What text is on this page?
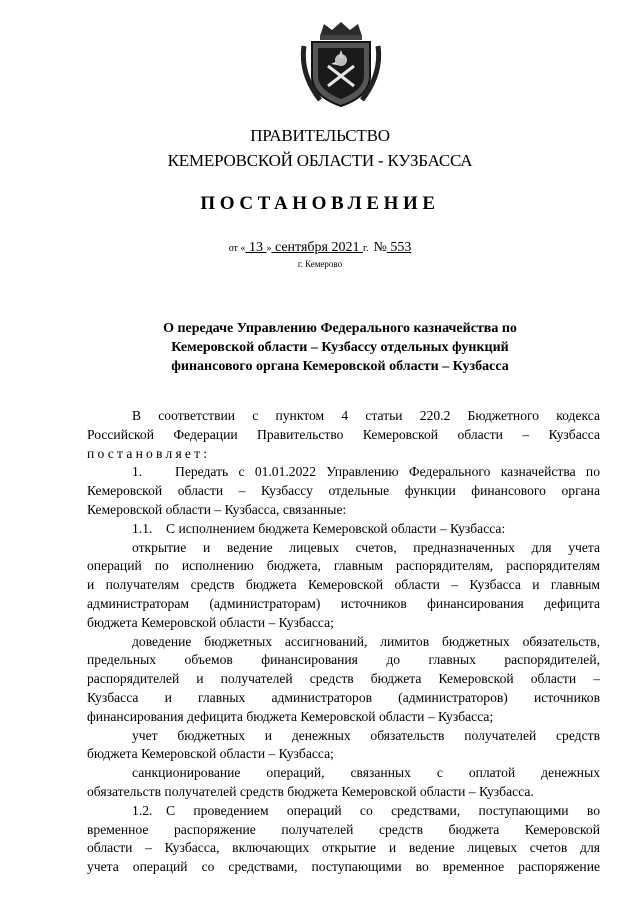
ПРАВИТЕЛЬСТВО
КЕМЕРОВСКОЙ ОБЛАСТИ - КУЗБАССА
ПОСТАНОВЛЕНИЕ
от « 13 » сентября 2021 г. № 553
г. Кемерово
О передаче Управлению Федерального казначейства по
Кемеровской области – Кузбассу отдельных функций
финансового органа Кемеровской области – Кузбасса
В соответствии с пунктом 4 статьи 220.2 Бюджетного кодекса
Российской Федерации Правительство Кемеровской области – Кузбасса
постановляет:
1. Передать с 01.01.2022 Управлению Федерального казначейства по
Кемеровской области – Кузбассу отдельные функции финансового органа
Кемеровской области – Кузбасса, связанные:
1.1. С исполнением бюджета Кемеровской области – Кузбасса:
открытие и ведение лицевых счетов, предназначенных для учета
операций по исполнению бюджета, главным распорядителям, распорядителям
и получателям средств бюджета Кемеровской области – Кузбасса и главным
администраторам (администраторам) источников финансирования дефицита
бюджета Кемеровской области – Кузбасса;
доведение бюджетных ассигнований, лимитов бюджетных обязательств,
предельных объемов финансирования до главных распорядителей,
распорядителей и получателей средств бюджета Кемеровской области –
Кузбасса и главных администраторов (администраторов) источников
финансирования дефицита бюджета Кемеровской области – Кузбасса;
учет бюджетных и денежных обязательств получателей средств
бюджета Кемеровской области – Кузбасса;
санкционирование операций, связанных с оплатой денежных
обязательств получателей средств бюджета Кемеровской области – Кузбасса.
1.2. С проведением операций со средствами, поступающими во
временное распоряжение получателей средств бюджета Кемеровской
области – Кузбасса, включающих открытие и ведение лицевых счетов для
учета операций со средствами, поступающими во временное распоряжение
